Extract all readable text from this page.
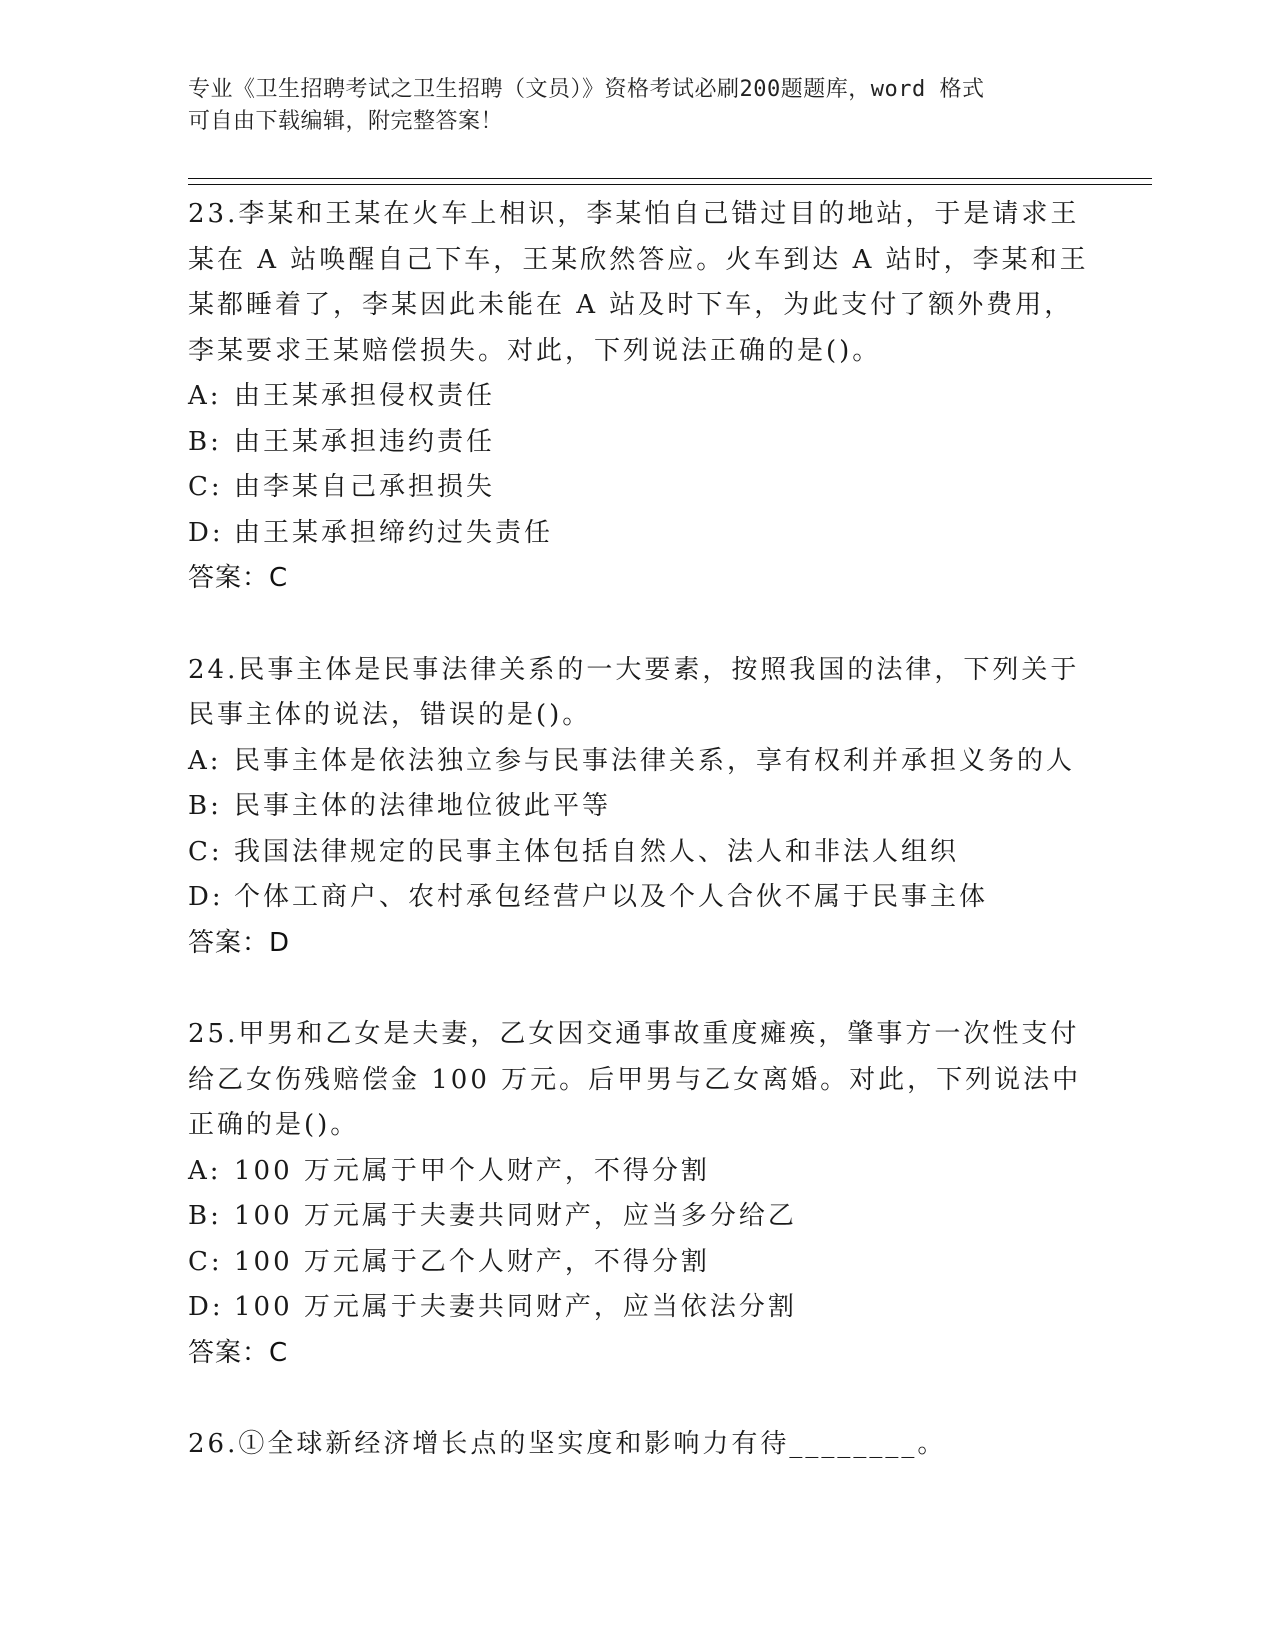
专业《卫生招聘考试之卫生招聘（文员）》资格考试必刷200题题库，word 格式
可自由下载编辑，附完整答案！
23.李某和王某在火车上相识，李某怕自己错过目的地站，于是请求王
某在 A 站唤醒自己下车，王某欣然答应。火车到达 A 站时，李某和王
某都睡着了，李某因此未能在 A 站及时下车，为此支付了额外费用，
李某要求王某赔偿损失。对此，下列说法正确的是()。
A: 由王某承担侵权责任
B: 由王某承担违约责任
C: 由李某自己承担损失
D: 由王某承担缔约过失责任
答案：C
24.民事主体是民事法律关系的一大要素，按照我国的法律，下列关于
民事主体的说法，错误的是()。
A: 民事主体是依法独立参与民事法律关系，享有权利并承担义务的人
B: 民事主体的法律地位彼此平等
C: 我国法律规定的民事主体包括自然人、法人和非法人组织
D: 个体工商户、农村承包经营户以及个人合伙不属于民事主体
答案：D
25.甲男和乙女是夫妻，乙女因交通事故重度瘫痪，肇事方一次性支付
给乙女伤残赔偿金 100 万元。后甲男与乙女离婚。对此，下列说法中
正确的是()。
A: 100 万元属于甲个人财产，不得分割
B: 100 万元属于夫妻共同财产，应当多分给乙
C: 100 万元属于乙个人财产，不得分割
D: 100 万元属于夫妻共同财产，应当依法分割
答案：C
26.①全球新经济增长点的坚实度和影响力有待________。
